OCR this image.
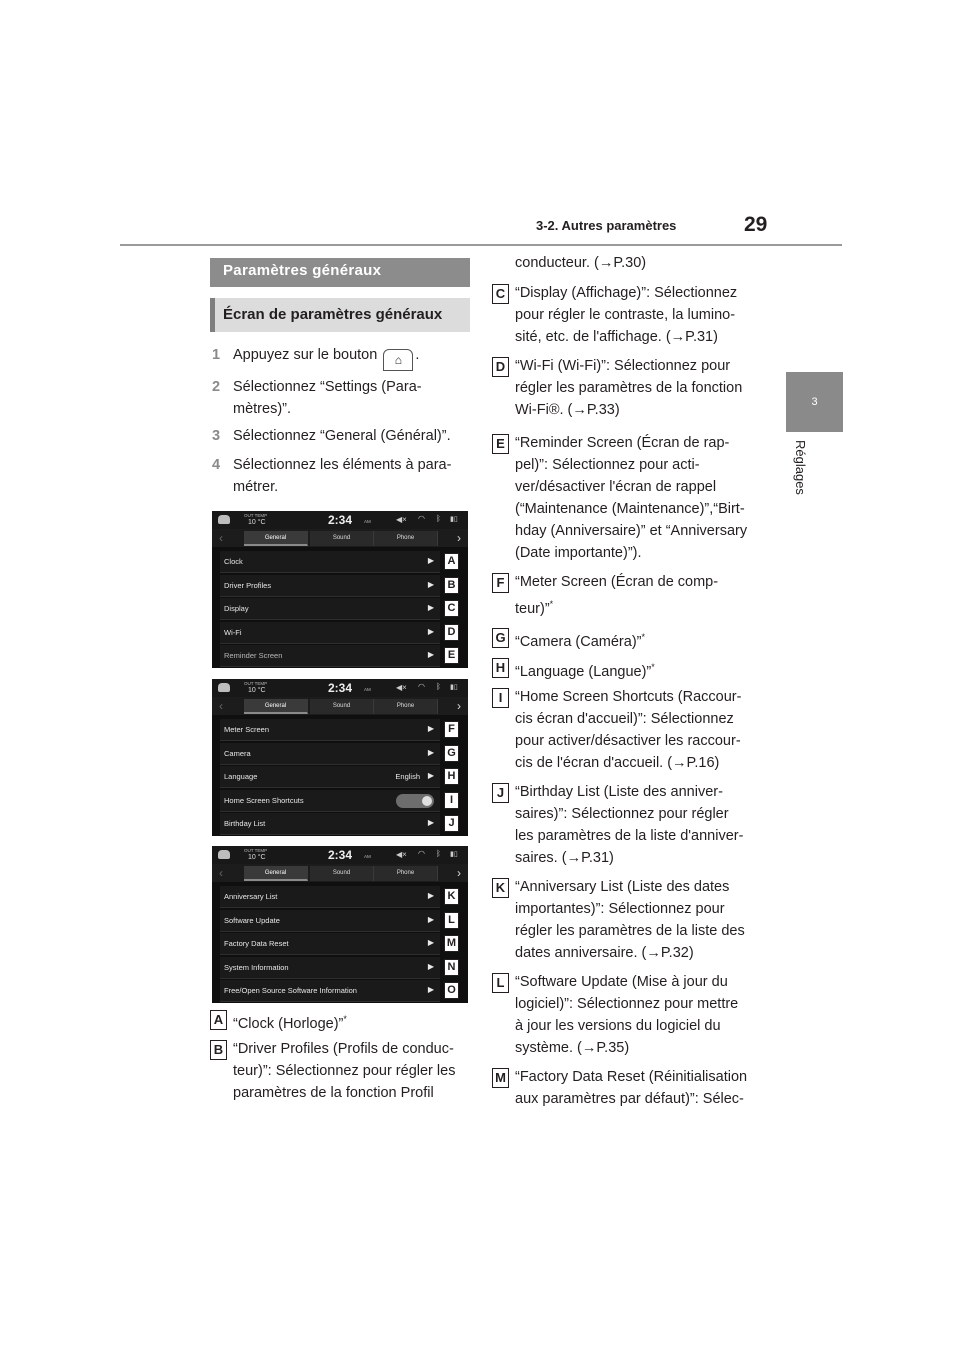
3-2. Autres paramètres	29
3
Réglages
Paramètres généraux
Écran de paramètres généraux
1 Appuyez sur le bouton ⌂ .
2 Sélectionnez “Settings (Para-mètres)”.
3 Sélectionnez “General (Général)”.
4 Sélectionnez les éléments à para-métrer.
OUT TEMP
10 °C	2:34	AM	◀× ◠ ᛒ ▮▯
‹	General	Sound	Phone	›
Clock	▶	A
Driver Profiles	▶	B
Display	▶	C
Wi-Fi	▶	D
Reminder Screen	▶	E
OUT TEMP
10 °C	2:34	AM	◀× ◠ ᛒ ▮▯
‹	General	Sound	Phone	›
Meter Screen	▶	F
Camera	▶ G
Language	English ▶	H
Home Screen Shortcuts	I
Birthday List	▶	J
OUT TEMP
10 °C	2:34	AM	◀× ◠ ᛒ ▮▯
‹	General	Sound	Phone	›
Anniversary List	▶	K
Software Update	▶	L
Factory Data Reset	▶ M
System Information	▶	N
Free/Open Source Software Information	▶ O
A “Clock (Horloge)”*
B “Driver Profiles (Profils de conduc-teur)”: Sélectionnez pour régler les paramètres de la fonction Profil
conducteur. (→P.30)
C “Display (Affichage)”: Sélectionnez pour régler le contraste, la lumino-sité, etc. de l'affichage. (→P.31)
D “Wi-Fi (Wi-Fi)”: Sélectionnez pour régler les paramètres de la fonction Wi-Fi®. (→P.33)
E “Reminder Screen (Écran de rap-pel)”: Sélectionnez pour acti-ver/désactiver l'écran de rappel (“Maintenance (Maintenance)”,“Birt-hday (Anniversaire)” et “Anniversary (Date importante)”).
F “Meter Screen (Écran de comp-teur)”*
G “Camera (Caméra)”*
H “Language (Langue)”*
I “Home Screen Shortcuts (Raccour-cis écran d'accueil)”: Sélectionnez pour activer/désactiver les raccour-cis de l'écran d'accueil. (→P.16)
J “Birthday List (Liste des anniver-saires)”: Sélectionnez pour régler les paramètres de la liste d'anniver-saires. (→P.31)
K “Anniversary List (Liste des dates importantes)”: Sélectionnez pour régler les paramètres de la liste des dates anniversaire. (→P.32)
L “Software Update (Mise à jour du logiciel)”: Sélectionnez pour mettre à jour les versions du logiciel du système. (→P.35)
M “Factory Data Reset (Réinitialisation aux paramètres par défaut)”: Sélec-
